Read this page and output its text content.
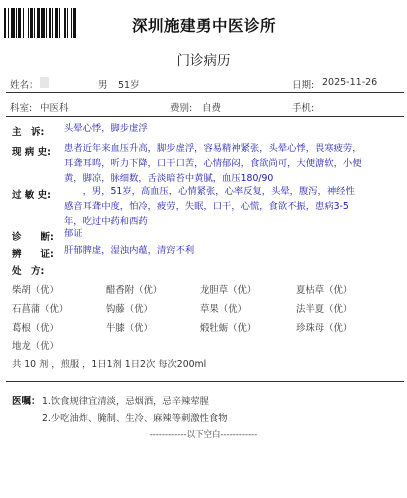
深圳施建勇中医诊所
门诊病历
姓名：	男 51岁	日期: 2025-11-26
科室: 中医科	费别: 自费	手机:
主　诉: 头晕心悸，脚步虚浮
现 病 史: 患者近年来血压升高，脚步虚浮，容易精神紧张，头晕心悸，畏寒疲劳，
耳聋耳鸣，听力下降，口干口苦，心情郁闷，食欲尚可，大便溏软，小便
黄，脚凉，脉细数，舌淡暗苔中黄腻，血压180/90
过 敏 史: 　　，男，51岁，高血压，心情紧张，心率反复，头晕，腹泻，神经性
感音耳聋中度，怕冷，疲劳，失眠，口干，心慌，食欲不振，患病3-5
年，吃过中药和西药
诊　　断: 郁证
辨　　证: 肝郁脾虚，湿浊内蕴，清窍不利
处　方:
柴胡（优）	醋香附（优）	龙胆草（优）	夏枯草（优）
石菖蒲（优）	钩藤（优）	草果（优）	法半夏（优）
葛根（优）	牛膝（优）	煅牡蛎（优）	珍珠母（优）
地龙（优）
共 10 剂 ，煎服 ，1日1剂 1日2次 每次200ml
医嘱： 1.饮食规律宜清淡，忌烟酒，忌辛辣荤腥
2.少吃油炸、腌制、生冷、麻辣等刺激性食物
------------以下空白------------
